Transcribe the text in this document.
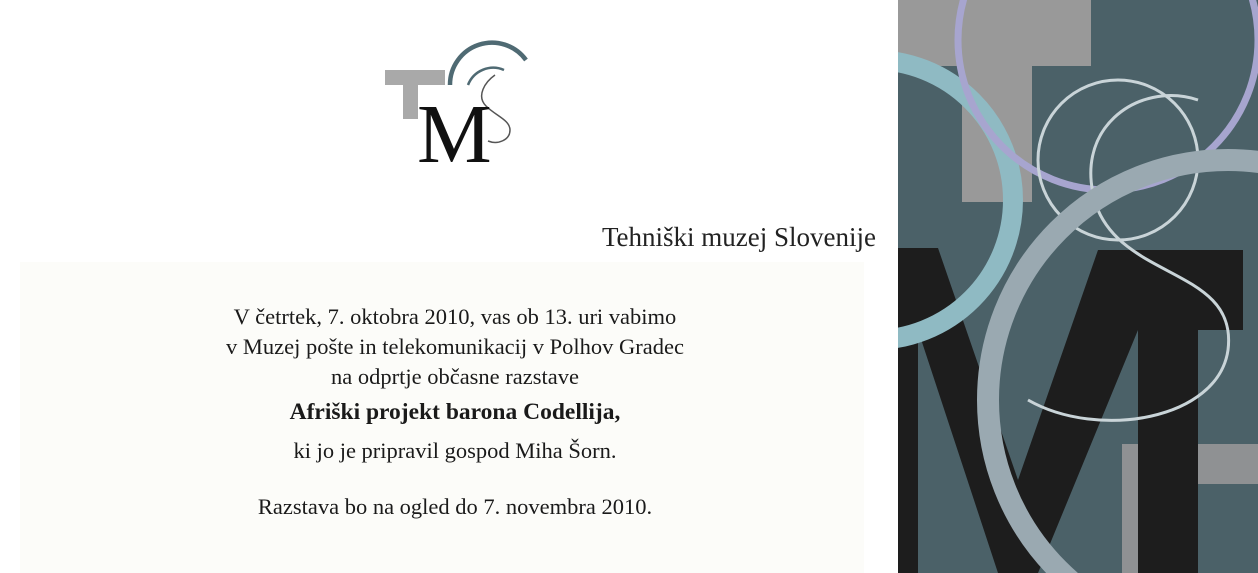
M
Tehniški muzej Slovenije
V četrtek, 7. oktobra 2010, vas ob 13. uri vabimo
v Muzej pošte in telekomunikacij v Polhov Gradec
na odprtje občasne razstave
Afriški projekt barona Codellija,
ki jo je pripravil gospod Miha Šorn.
Razstava bo na ogled do 7. novembra 2010.
